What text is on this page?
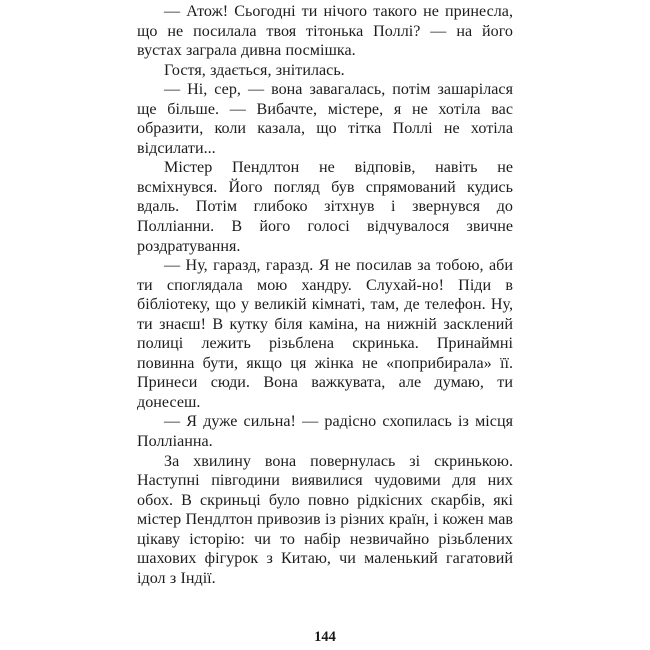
— Атож! Сьогодні ти нічого такого не принесла, що не посилала твоя тітонька Поллі? — на його вустах заграла дивна посмішка.

Гостя, здається, знітилась.

— Ні, сер, — вона завагалась, потім зашарілася ще більше. — Вибачте, містере, я не хотіла вас образити, коли казала, що тітка Поллі не хотіла відсилати...

Містер Пендлтон не відповів, навіть не всміхнувся. Його погляд був спрямований кудись вдаль. Потім глибоко зітхнув і звернувся до Полліанни. В його голосі відчувалося звичне роздратування.

— Ну, гаразд, гаразд. Я не посилав за тобою, аби ти споглядала мою хандру. Слухай-но! Піди в бібліотеку, що у великій кімнаті, там, де телефон. Ну, ти знаєш! В кутку біля каміна, на нижній засклений полиці лежить різьблена скринька. Принаймні повинна бути, якщо ця жінка не «поприбирала» її. Принеси сюди. Вона важкувата, але думаю, ти донесеш.

— Я дуже сильна! — радісно схопилась із місця Полліанна.

За хвилину вона повернулась зі скринькою. Наступні півгодини виявилися чудовими для них обох. В скриньці було повно рідкісних скарбів, які містер Пендлтон привозив із різних країн, і кожен мав цікаву історію: чи то набір незвичайно різьблених шахових фігурок з Китаю, чи маленький гагатовий ідол з Індії.

144
